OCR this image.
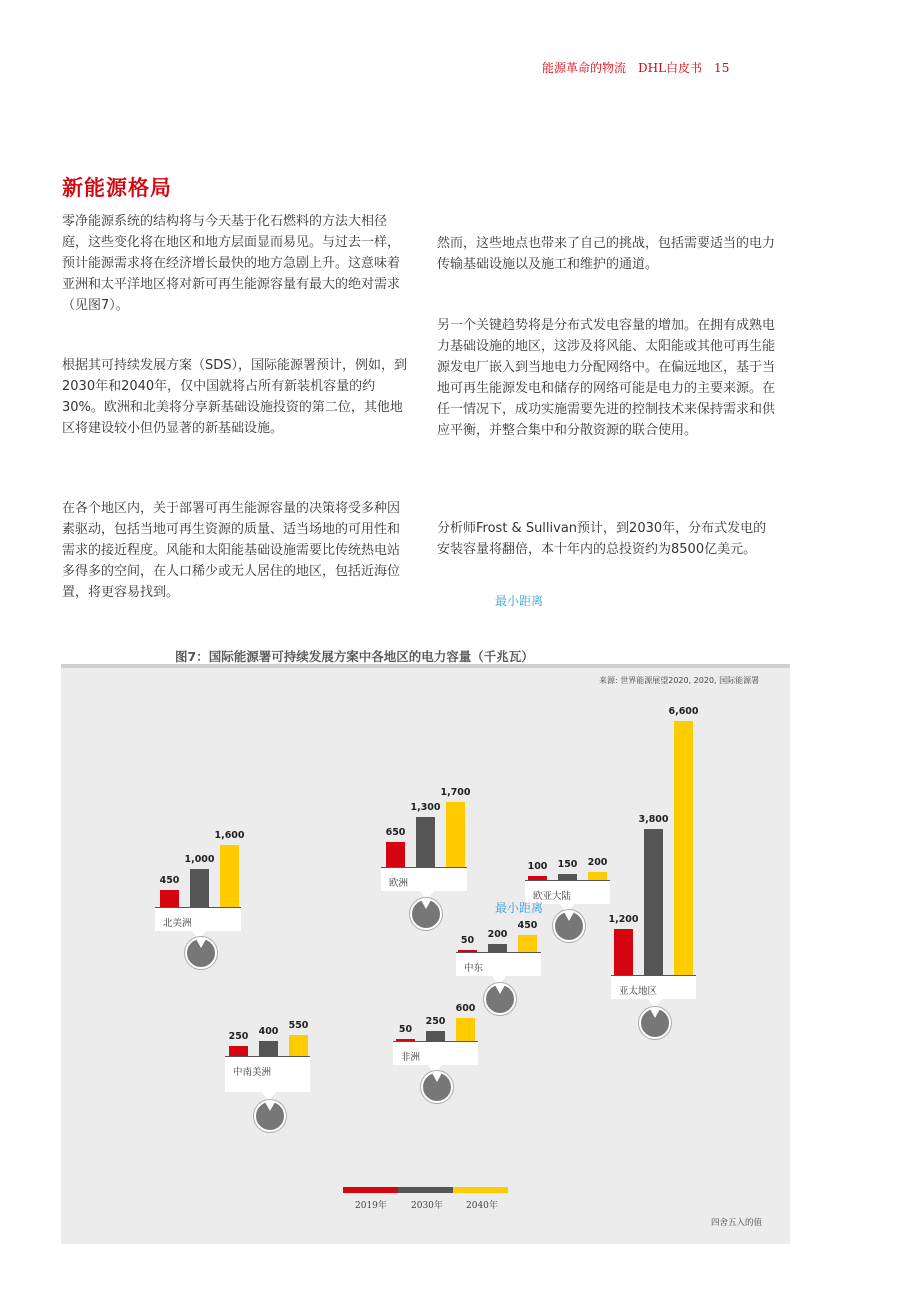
能源革命的物流　DHL白皮书　15
新能源格局
零净能源系统的结构将与今天基于化石燃料的方法大相径庭，这些变化将在地区和地方层面显而易见。与过去一样，预计能源需求将在经济增长最快的地方急剧上升。这意味着亚洲和太平洋地区将对新可再生能源容量有最大的绝对需求（见图7）。
根据其可持续发展方案（SDS），国际能源署预计，例如，到2030年和2040年，仅中国就将占所有新装机容量的约30%。欧洲和北美将分享新基础设施投资的第二位，其他地区将建设较小但仍显著的新基础设施。
在各个地区内，关于部署可再生能源容量的决策将受多种因素驱动，包括当地可再生资源的质量、适当场地的可用性和需求的接近程度。风能和太阳能基础设施需要比传统热电站多得多的空间，在人口稀少或无人居住的地区，包括近海位置，将更容易找到。
然而，这些地点也带来了自己的挑战，包括需要适当的电力传输基础设施以及施工和维护的通道。
另一个关键趋势将是分布式发电容量的增加。在拥有成熟电力基础设施的地区，这涉及将风能、太阳能或其他可再生能源发电厂嵌入到当地电力分配网络中。在偏远地区，基于当地可再生能源发电和储存的网络可能是电力的主要来源。在任一情况下，成功实施需要先进的控制技术来保持需求和供应平衡，并整合集中和分散资源的联合使用。
分析师Frost & Sullivan预计，到2030年，分布式发电的安装容量将翻倍，本十年内的总投资约为8500亿美元。
最小距离
图7：国际能源署可持续发展方案中各地区的电力容量（千兆瓦）
来源: 世界能源展望2020, 2020, 国际能源署
450
1,000
1,600
北美洲
650
1,300
1,700
欧洲
100	150	200
欧亚大陆
50
200
450
中东
1,200
3,800
6,600
亚太地区
250
400
550
中南美洲
50
250
600
非洲
最小距离
2019年	2030年	2040年
四舍五入的值
